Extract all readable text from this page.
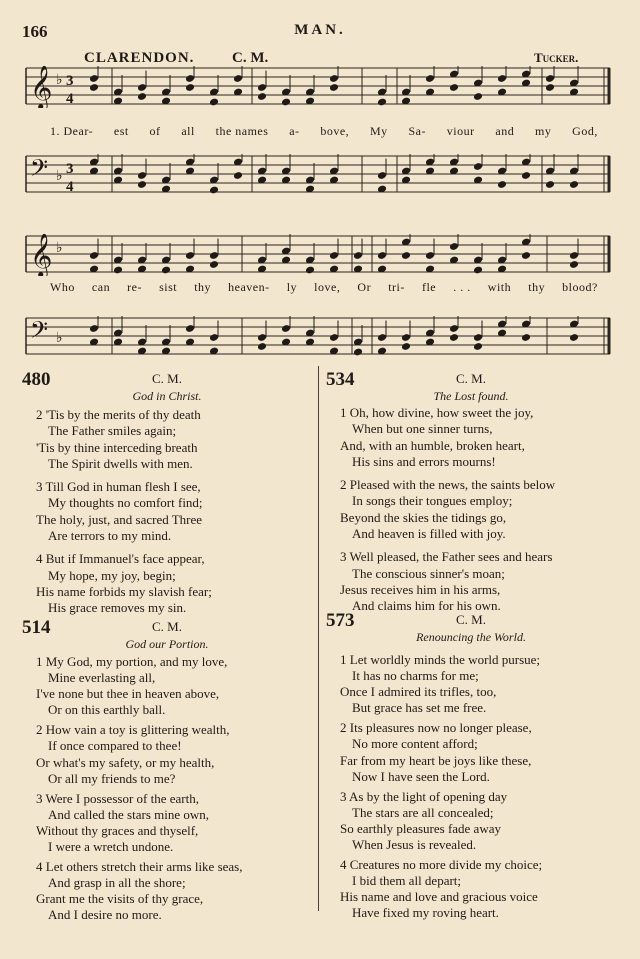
166	MAN.
CLARENDON.	C. M.	Tucker.
𝄞 ♭ 3
4
𝄢 ♭ 3
4
1. Dear- est of all the names a- bove, My Sa- viour and my God,
𝄞 ♭
𝄢 ♭
Who can re- sist thy heaven- ly love, Or tri- fle . . . with thy blood?
480	C. M.
God in Christ.
2 'Tis by the merits of thy death
The Father smiles again;
'Tis by thine interceding breath
The Spirit dwells with men.
3 Till God in human flesh I see,
My thoughts no comfort find;
The holy, just, and sacred Three
Are terrors to my mind.
4 But if Immanuel's face appear,
My hope, my joy, begin;
His name forbids my slavish fear;
His grace removes my sin.
534	C. M.
The Lost found.
1 Oh, how divine, how sweet the joy,
When but one sinner turns,
And, with an humble, broken heart,
His sins and errors mourns!
2 Pleased with the news, the saints below
In songs their tongues employ;
Beyond the skies the tidings go,
And heaven is filled with joy.
3 Well pleased, the Father sees and hears
The conscious sinner's moan;
Jesus receives him in his arms,
And claims him for his own.
514	C. M.
God our Portion.
1 My God, my portion, and my love,
Mine everlasting all,
I've none but thee in heaven above,
Or on this earthly ball.
2 How vain a toy is glittering wealth,
If once compared to thee!
Or what's my safety, or my health,
Or all my friends to me?
3 Were I possessor of the earth,
And called the stars mine own,
Without thy graces and thyself,
I were a wretch undone.
4 Let others stretch their arms like seas,
And grasp in all the shore;
Grant me the visits of thy grace,
And I desire no more.
573	C. M.
Renouncing the World.
1 Let worldly minds the world pursue;
It has no charms for me;
Once I admired its trifles, too,
But grace has set me free.
2 Its pleasures now no longer please,
No more content afford;
Far from my heart be joys like these,
Now I have seen the Lord.
3 As by the light of opening day
The stars are all concealed;
So earthly pleasures fade away
When Jesus is revealed.
4 Creatures no more divide my choice;
I bid them all depart;
His name and love and gracious voice
Have fixed my roving heart.
